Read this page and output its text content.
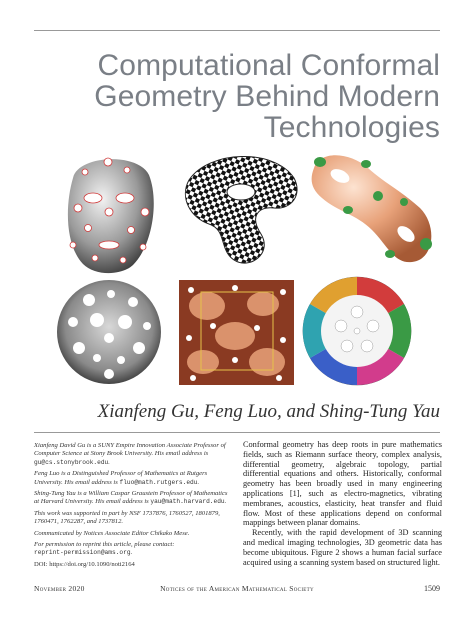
Computational Conformal
Geometry Behind Modern
Technologies
Xianfeng Gu, Feng Luo, and Shing-Tung Yau

Xianfeng David Gu is a SUNY Empire Innovation Associate Professor of Computer Science at Stony Brook University. His email address is gu@cs.stonybrook.edu.

Feng Luo is a Distinguished Professor of Mathematics at Rutgers University. His email address is fluo@math.rutgers.edu.

Shing-Tung Yau is a William Caspar Graustein Professor of Mathematics at Harvard University. His email address is yau@math.harvard.edu.

This work was supported in part by NSF 1737876, 1760527, 1801879, 1760471, 1762287, and 1737812.

Communicated by Notices Associate Editor Chikako Mese.

For permission to reprint this article, please contact:
reprint-permission@ams.org.

DOI: https://doi.org/10.1090/noti2164

Conformal geometry has deep roots in pure mathematics fields, such as Riemann surface theory, complex analysis, differential geometry, algebraic topology, partial differential equations and others. Historically, conformal geometry has been broadly used in many engineering applications [1], such as electro-magnetics, vibrating membranes, acoustics, elasticity, heat transfer and fluid flow. Most of these applications depend on conformal mappings between planar domains.

Recently, with the rapid development of 3D scanning and medical imaging technologies, 3D geometric data has become ubiquitous. Figure 2 shows a human facial surface acquired using a scanning system based on structured light.

November 2020	Notices of the American Mathematical Society	1509
